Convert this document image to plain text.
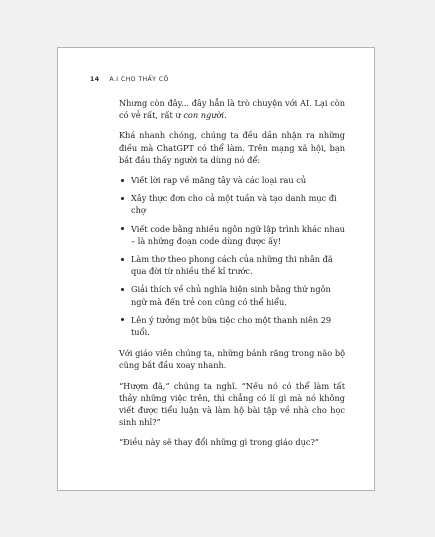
14 A.I CHO THẤY CÔ

Nhưng còn đây... đây hẳn là trò chuyện với AI. Lại còn có vẻ rất, rất ư con người.

Khá nhanh chóng, chúng ta đều dần nhận ra những điều mà ChatGPT có thể làm. Trên mạng xã hội, bạn bắt đầu thấy người ta dùng nó để:

Viết lời rap về măng tây và các loại rau củ
Xây thực đơn cho cả một tuần và tạo danh mục đi chợ
Viết code bằng nhiều ngôn ngữ lập trình khác nhau – là những đoạn code dùng được ấy!
Làm thơ theo phong cách của những thi nhân đã qua đời từ nhiều thế kỉ trước.
Giải thích về chủ nghĩa hiện sinh bằng thứ ngôn ngữ mà đến trẻ con cũng có thể hiểu.
Lên ý tưởng một bữa tiệc cho một thanh niên 29 tuổi.

Với giáo viên chúng ta, những bánh răng trong não bộ cũng bắt đầu xoay nhanh.

“Hượm đã,” chúng ta nghĩ. “Nếu nó có thể làm tất thảy những việc trên, thì chẳng có lí gì mà nó không viết được tiểu luận và làm hộ bài tập về nhà cho học sinh nhỉ?”

“Điều này sẽ thay đổi những gì trong giáo dục?”
